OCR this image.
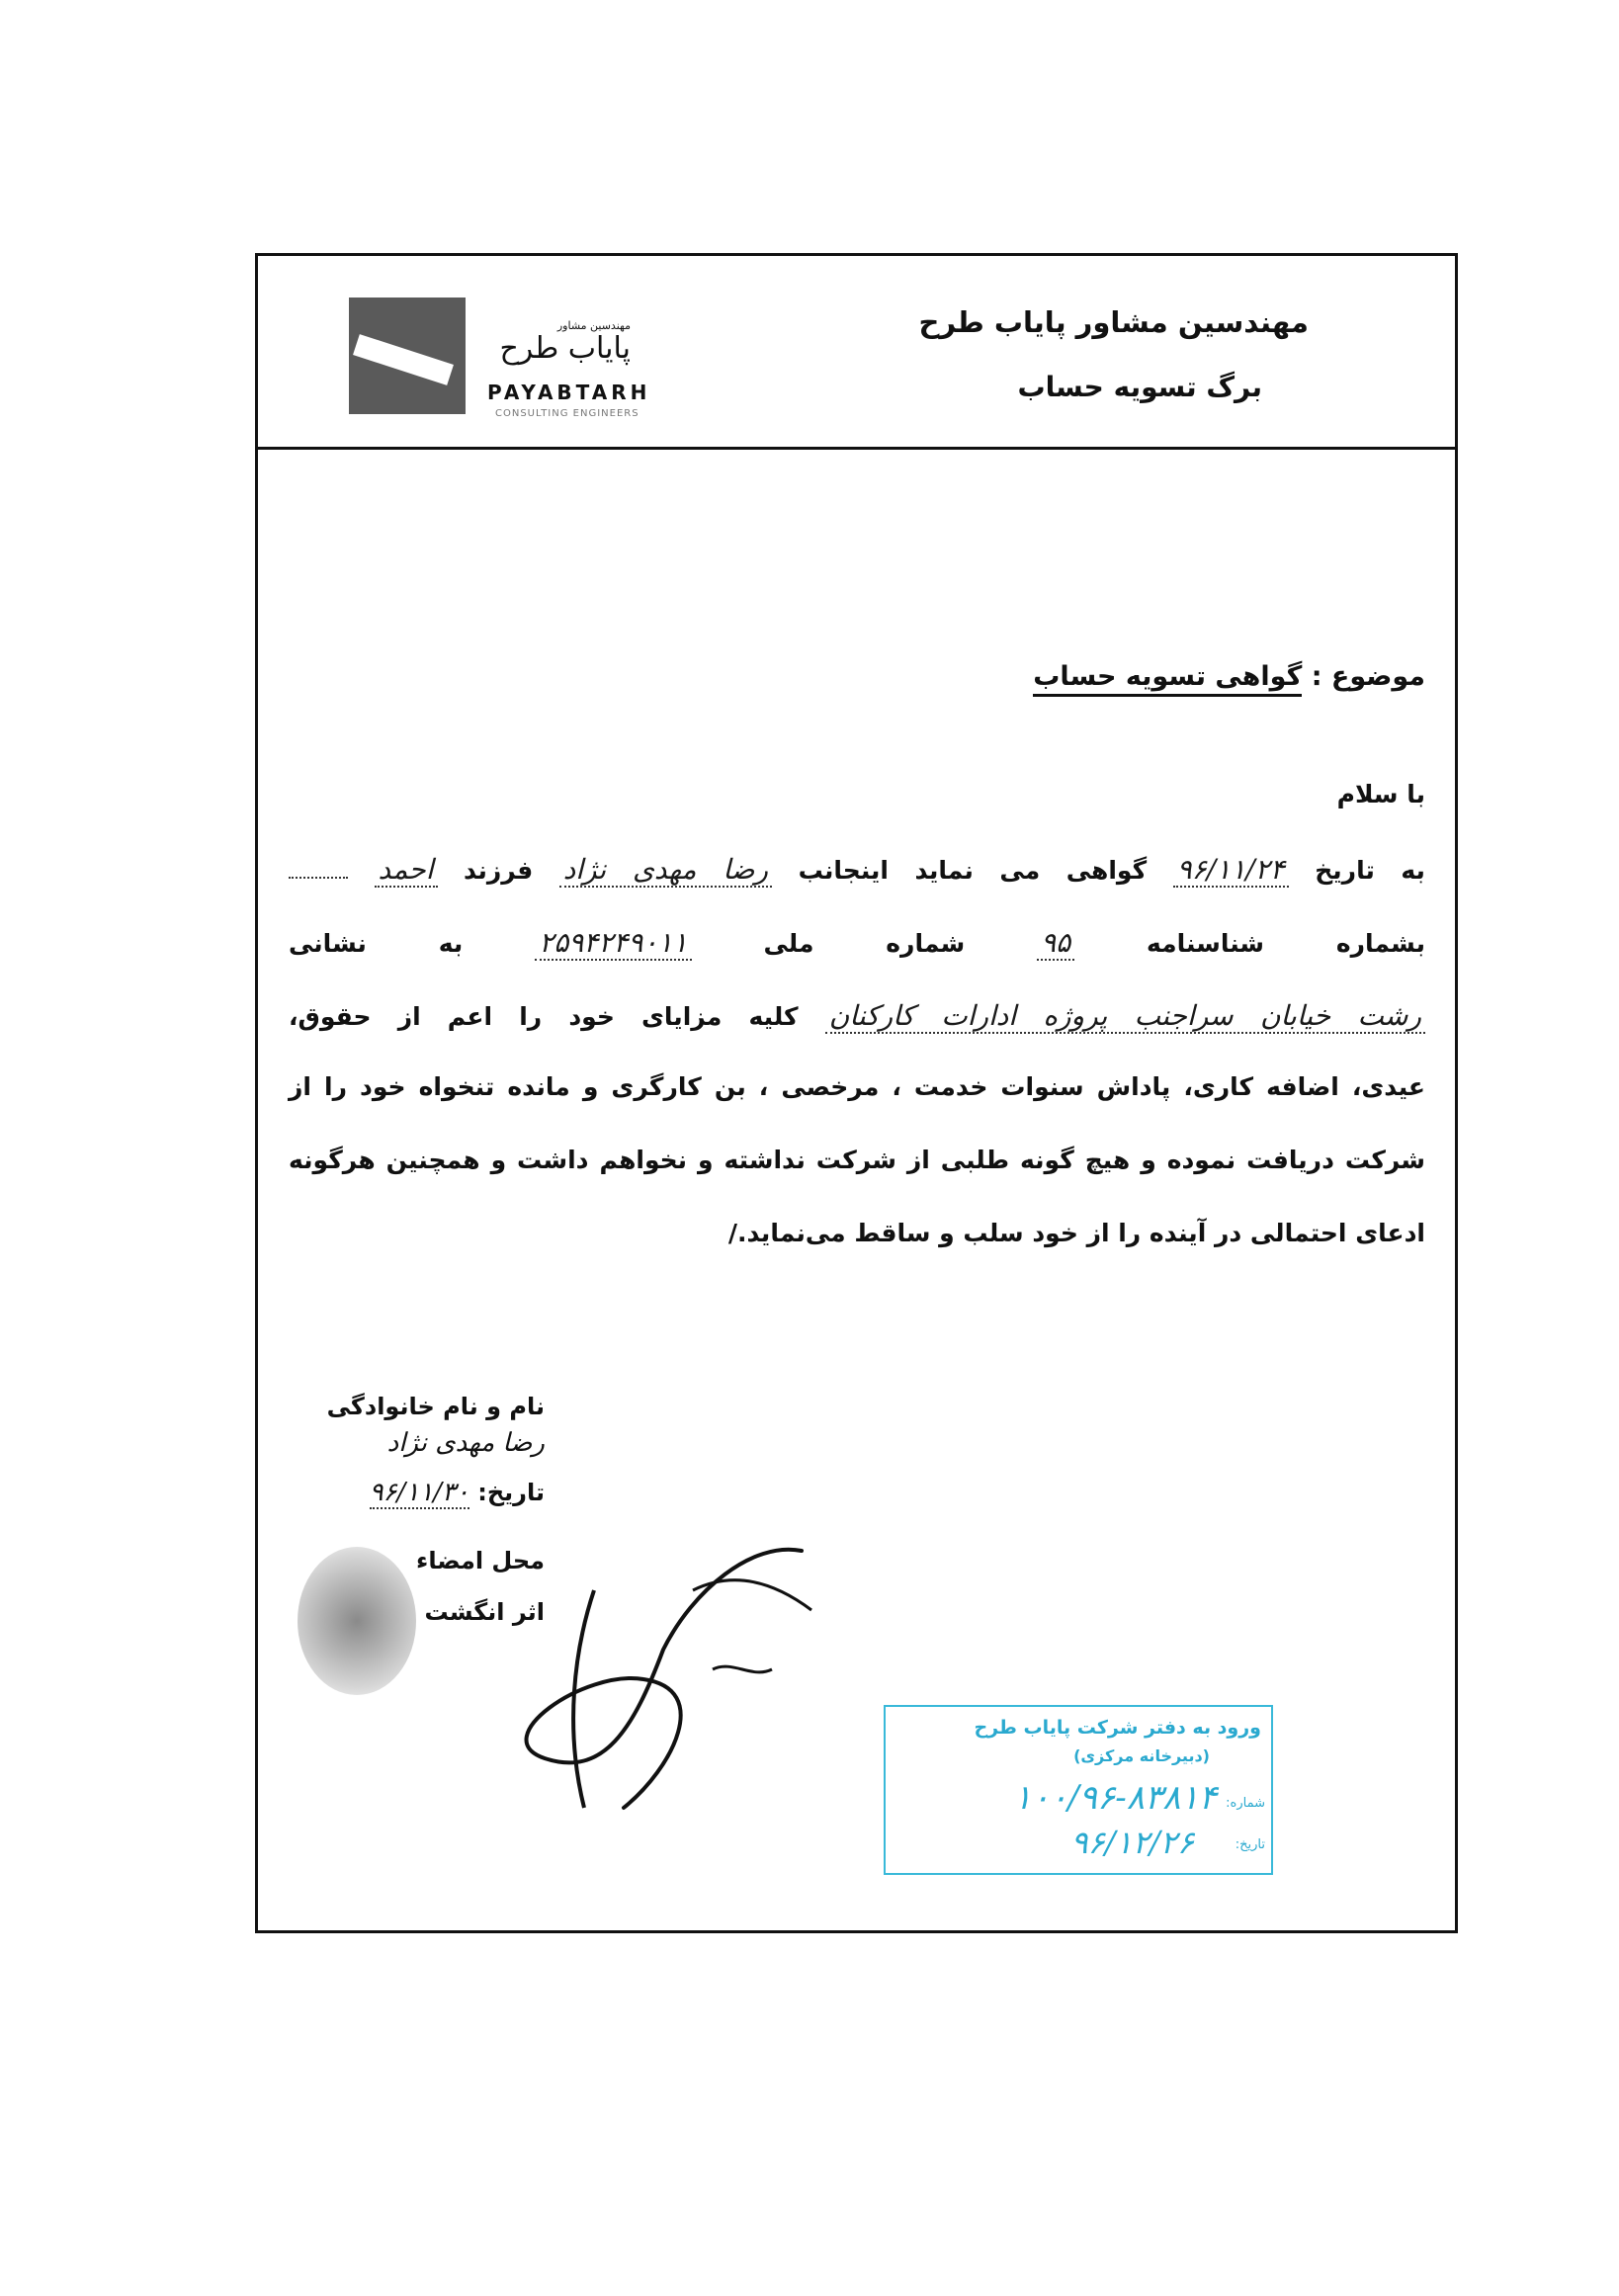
مهندسین مشاور پایاب طرح
برگ تسویه حساب
مهندسین مشاور
پایاب طرح
PAYABTARH
CONSULTING ENGINEERS
موضوع : گواهی تسویه حساب
با سلام
به تاریخ ۹۶/۱۱/۲۴ گواهی می نماید اینجانب رضا مهدی نژاد فرزند احمد
بشماره شناسنامه ۹۵ شماره ملی ۲۵۹۴۲۴۹۰۱۱ به نشانی
رشت خیابان سراجنب پروژه ادارات کارکنان کلیه مزایای خود را اعم از حقوق،
عیدی، اضافه کاری، پاداش سنوات خدمت ، مرخصی ، بن کارگری و مانده تنخواه خود را از
شرکت دریافت نموده و هیچ گونه طلبی از شرکت نداشته و نخواهم داشت و همچنین هرگونه
ادعای احتمالی در آینده را از خود سلب و ساقط می‌نماید./
نام و نام خانوادگی
رضا مهدی نژاد
تاریخ: ۹۶/۱۱/۳۰
محل امضاء
اثر انگشت
ورود به دفتر شرکت پایاب طرح
(دبیرخانه مرکزی)
شماره:
۱۰۰/۹۶-۸۳۸۱۴
تاریخ:
۹۶/۱۲/۲۶
